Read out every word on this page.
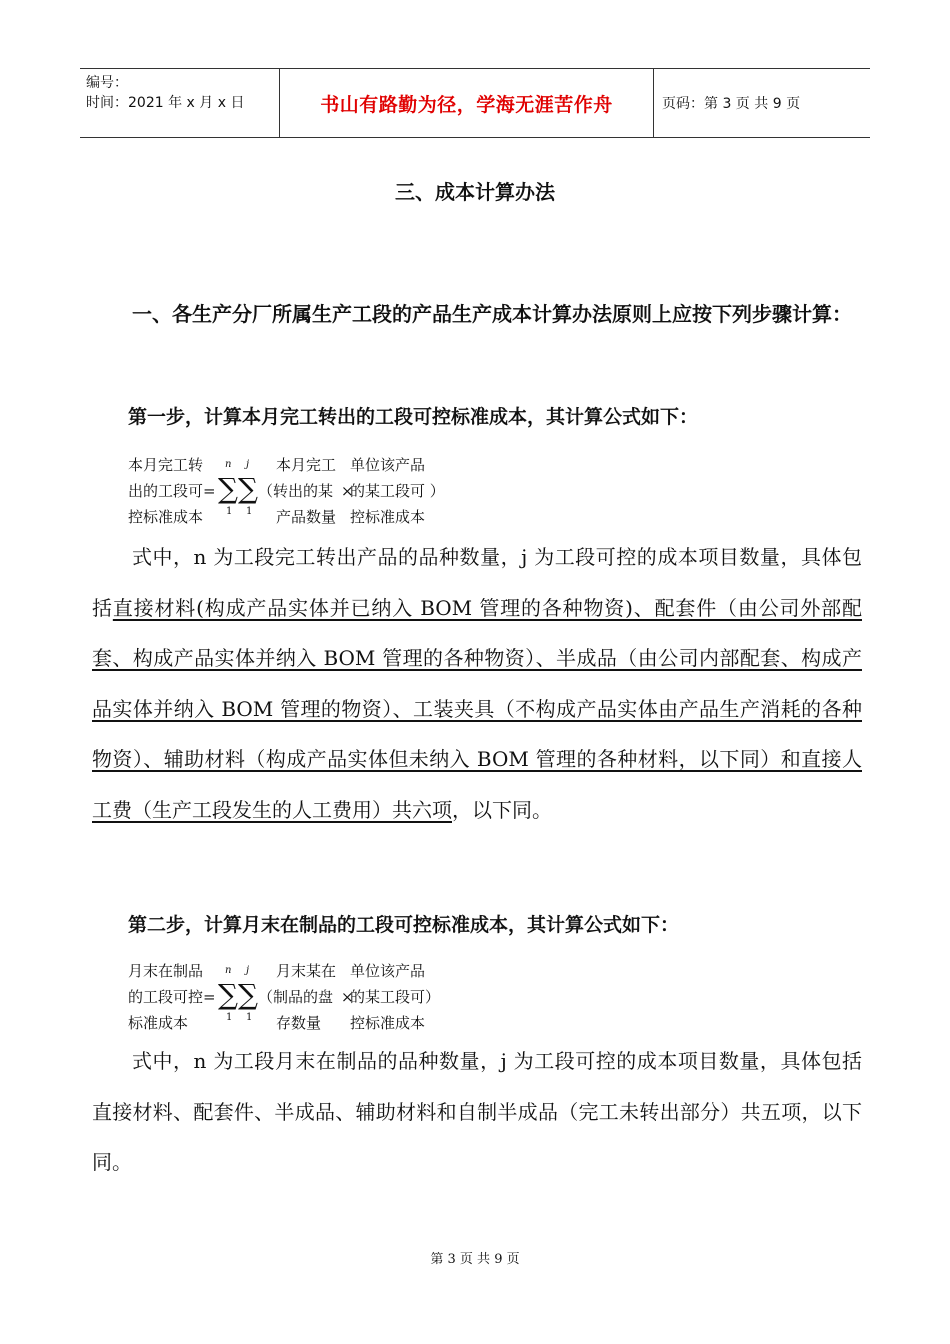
编号：
时间：2021 年 x 月 x 日	书山有路勤为径，学海无涯苦作舟	页码：第 3 页 共 9 页
三、成本计算办法
一、各生产分厂所属生产工段的产品生产成本计算办法原则上应按下列步骤计算：
第一步，计算本月完工转出的工段可控标准成本，其计算公式如下：
本月完工转
出的工段可=
控标准成本
n j
∑ ∑
1 1
本月完工
（转出的某
产品数量
×
单位该产品
的某工段可 ）
控标准成本
式中，n 为工段完工转出产品的品种数量，j 为工段可控的成本项目数量，具体包括直接材料(构成产品实体并已纳入 BOM 管理的各种物资)、配套件（由公司外部配套、构成产品实体并纳入 BOM 管理的各种物资）、半成品（由公司内部配套、构成产品实体并纳入 BOM 管理的物资）、工装夹具（不构成产品实体由产品生产消耗的各种物资）、辅助材料（构成产品实体但未纳入 BOM 管理的各种材料，以下同）和直接人工费（生产工段发生的人工费用）共六项，以下同。
第二步，计算月末在制品的工段可控标准成本，其计算公式如下：
月末在制品
的工段可控=
标准成本
n j
∑ ∑
1 1
月末某在
（制品的盘
存数量
×
单位该产品
的某工段可）
控标准成本
式中，n 为工段月末在制品的品种数量，j 为工段可控的成本项目数量，具体包括直接材料、配套件、半成品、辅助材料和自制半成品（完工未转出部分）共五项，以下同。
第 3 页 共 9 页
